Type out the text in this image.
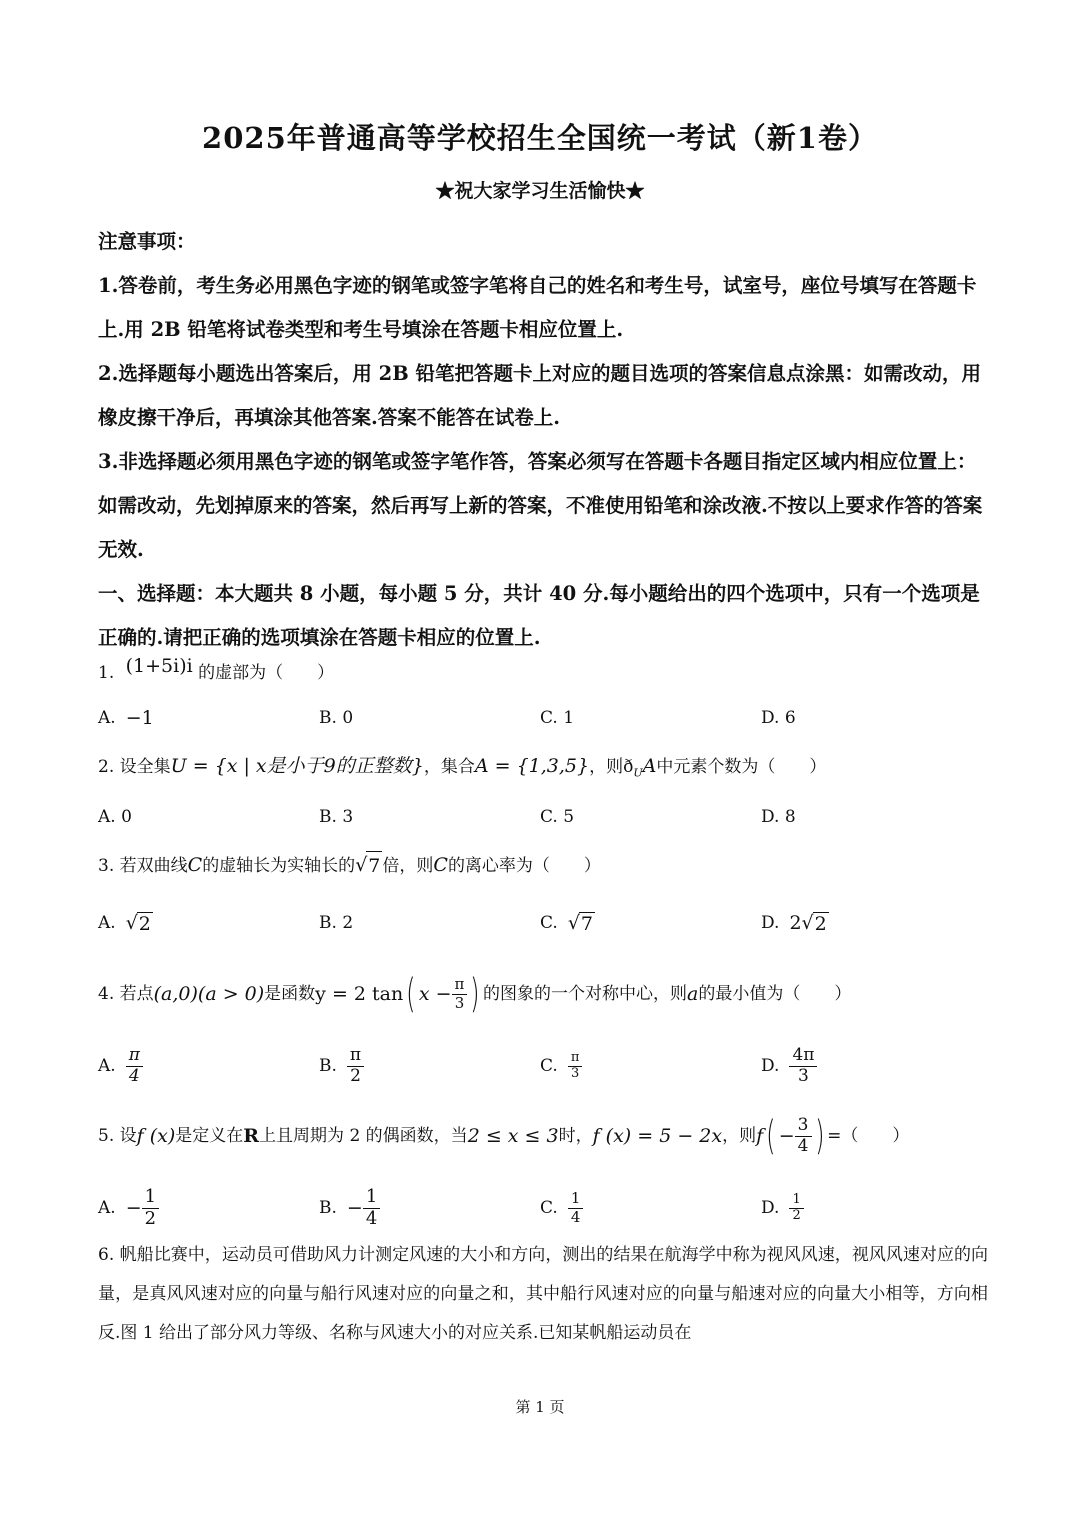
2025年普通高等学校招生全国统一考试（新1卷）
★祝大家学习生活愉快★

注意事项：

1.答卷前，考生务必用黑色字迹的钢笔或签字笔将自己的姓名和考生号，试室号，座位号填写在答题卡上.用 2B 铅笔将试卷类型和考生号填涂在答题卡相应位置上.

2.选择题每小题选出答案后，用 2B 铅笔把答题卡上对应的题目选项的答案信息点涂黑：如需改动，用橡皮擦干净后，再填涂其他答案.答案不能答在试卷上.

3.非选择题必须用黑色字迹的钢笔或签字笔作答，答案必须写在答题卡各题目指定区域内相应位置上：如需改动，先划掉原来的答案，然后再写上新的答案，不准使用铅笔和涂改液.不按以上要求作答的答案无效.

一、选择题：本大题共 8 小题，每小题 5 分，共计 40 分.每小题给出的四个选项中，只有一个选项是正确的.请把正确的选项填涂在答题卡相应的位置上.

1. (1+5i)i 的虚部为（　　）
A. −1	B.
0	C.
1	D.
6
2. 设全集U = {x | x是小于9的正整数}，集合A = {1,3,5}，则$ð_UA$中元素个数为（　　）
A.
0	B.
3	C.
5	D.
8
3. 若双曲线C的虚轴长为实轴长的√ 7 倍，则C的离心率为（　　）
A. √ 2	B.
2	C. √ 7	D. 2 √ 2
4.
若点 (a,0)(a > 0) 是函数 y = 2 tan ( $x - \frac{\pi}{3}$ ) 的图象的一个对称中心，则 a 的最小值为（　　）
A. $\frac{\pi}{4}$	B. $\frac{\pi}{2}$	C. $\frac{\pi}{3}$	D. $\frac{4\pi}{3}$
5.
设 f (x) 是定义在 R 上且周期为 2 的偶函数，当 2 ≤ x ≤ 3 时， f (x) = 5 − 2x ，则 f ( − $\frac{3}{4}$ ) =（　　）
A. − $\frac{1}{2}$	B. − $\frac{1}{4}$	C. $\frac{1}{4}$	D. $\frac{1}{2}$
6. 帆船比赛中，运动员可借助风力计测定风速的大小和方向，测出的结果在航海学中称为视风风速，视风风速对应的向量，是真风风速对应的向量与船行风速对应的向量之和，其中船行风速对应的向量与船速对应的向量大小相等，方向相反.图 1 给出了部分风力等级、名称与风速大小的对应关系.已知某帆船运动员在
第 1 页
